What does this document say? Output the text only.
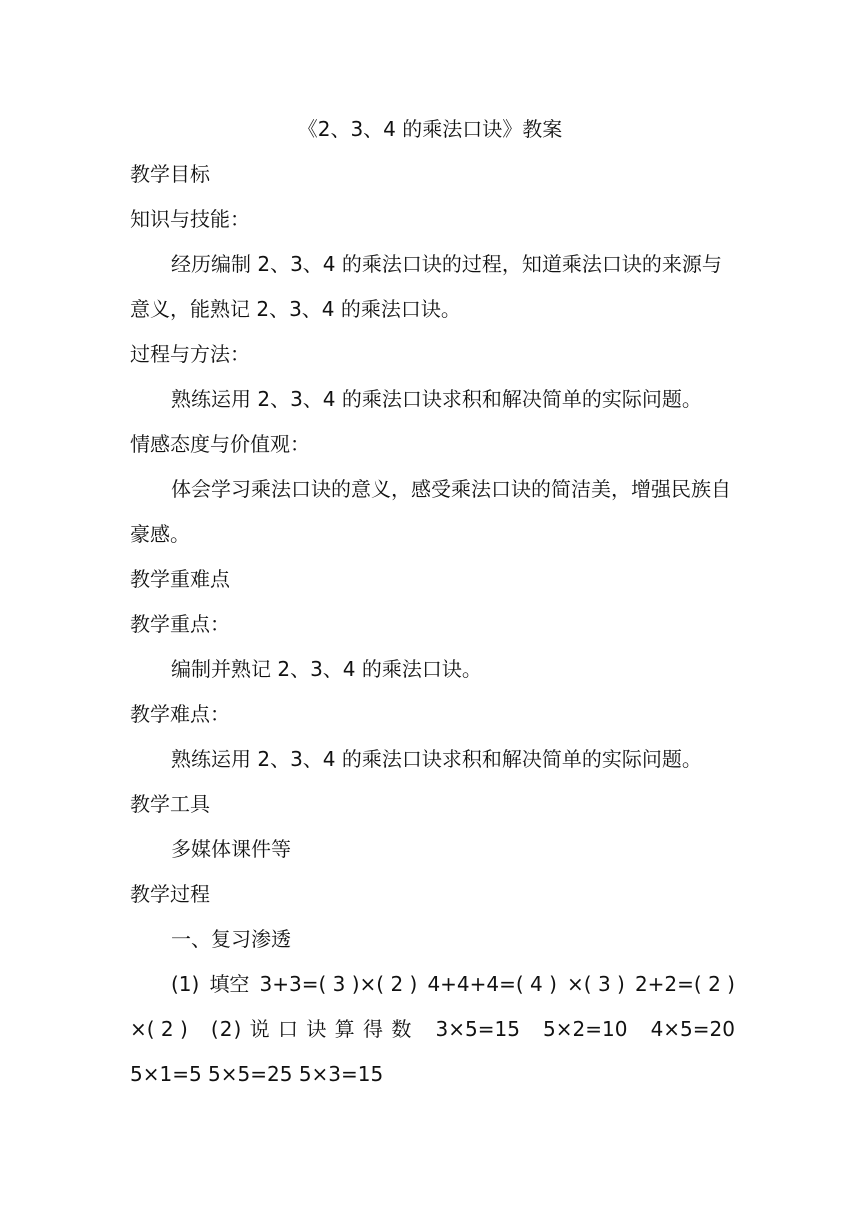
《2、3、4 的乘法口诀》教案
教学目标
知识与技能：
经历编制 2、3、4 的乘法口诀的过程，知道乘法口诀的来源与
意义，能熟记 2、3、4 的乘法口诀。
过程与方法：
熟练运用 2、3、4 的乘法口诀求积和解决简单的实际问题。
情感态度与价值观：
体会学习乘法口诀的意义，感受乘法口诀的简洁美，增强民族自
豪感。
教学重难点
教学重点：
编制并熟记 2、3、4 的乘法口诀。
教学难点：
熟练运用 2、3、4 的乘法口诀求积和解决简单的实际问题。
教学工具
多媒体课件等
教学过程
一、复习渗透
(1) 填空 3+3=( 3 )×( 2 ) 4+4+4=( 4 ) ×( 3 ) 2+2=( 2 )
×( 2 ) (2) 说 口 诀 算 得 数 3×5=15 5×2=10 4×5=20
5×1=5 5×5=25 5×3=15
